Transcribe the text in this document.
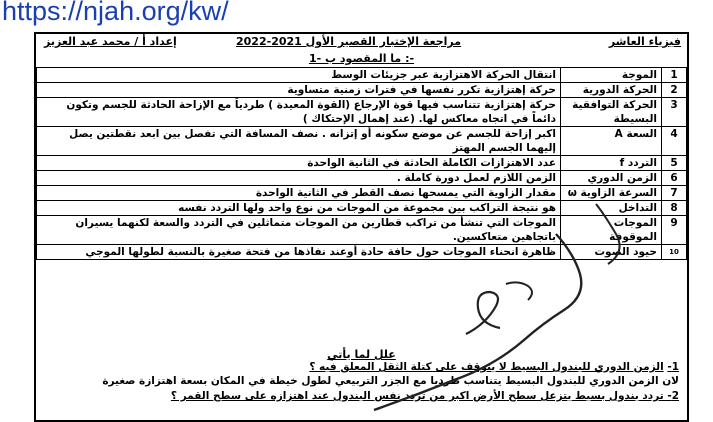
https://njah.org/kw/
فيزياء العاشر
مراجعة الإختبار القصير الأول 2021-2022
إعداد أ / محمد عبد العزيز
1- ما المقصود ب :-
1	الموجة	انتقال الحركة الاهتزازية عبر جزيئات الوسط
2	الحركة الدورية	حركة إهتزازية تكرر نفسها في فترات زمنية متساوية
3	الحركة التوافقية البسيطة	حركة إهتزازية تتناسب فيها قوة الإرجاع (القوة المعيدة ) طردياً مع الإزاحة الحادثة للجسم وتكون دائماً في اتجاه معاكس لها. (عند إهمال الإحتكاك )
4	السعة A	اكبر إزاحة للجسم عن موضع سكونه أو إتزانه . نصف المسافة التي تفصل بين ابعد نقطتين يصل إليهما الجسم المهتز
5	التردد f	عدد الاهتزازات الكاملة الحادثة في الثانية الواحدة
6	الزمن الدوري	الزمن اللازم لعمل دورة كاملة .
7	السرعة الزاوية ω	مقدار الزاوية التي يمسحها نصف القطر في الثانية الواحدة
8	التداخل	هو نتيجة التراكب بين مجموعة من الموجات من نوع واحد ولها التردد نفسه
9	الموجات الموقوفة	الموجات التي تنشأ من تراكب قطارين من الموجات متماثلين في التردد والسعة لكنهما يسيران باتجاهين متعاكسين.
10	حيود الصوت	ظاهرة انحناء الموجات حول حافة حادة أوعند نفاذها من فتحة صغيرة بالنسبة لطولها الموجي
علل لما يأتي
1- الزمن الدوري للبندول البسيط لا يتوقف على كتلة الثقل المعلق فيه ؟
لان الزمن الدوري للبندول البسيط يتناسب طرديا مع الجزر التربيعي لطول خيطة في المكان بسعة اهتزازة صغيرة
2- تردد بندول بسيط يتزعل سطح الأرض اكبر من تردد نفس البندول عند اهتزازه على سطح القمر ؟
